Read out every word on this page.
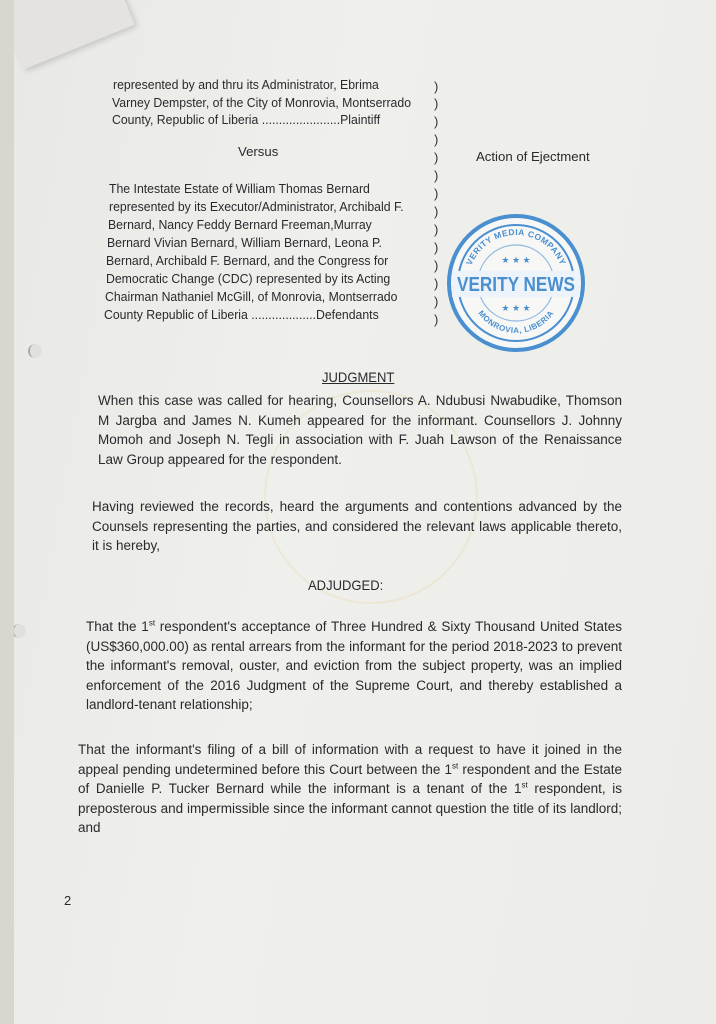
represented by and thru its Administrator, Ebrima
Varney Dempster, of the City of Monrovia, Montserrado
County, Republic of Liberia .......................Plaintiff
Versus	Action of Ejectment
The Intestate Estate of William Thomas Bernard
represented by its Executor/Administrator, Archibald F.
Bernard, Nancy Feddy Bernard Freeman,Murray
Bernard Vivian Bernard, William Bernard, Leona P.
Bernard, Archibald F. Bernard, and the Congress for
Democratic Change (CDC) represented by its Acting
Chairman Nathaniel McGill, of Monrovia, Montserrado
County Republic of Liberia ...................Defendants
)
)
)
)
)
)
)
)
)
)
)
)
)
)
VERITY MEDIA COMPANY
MONROVIA, LIBERIA
★ ★ ★
VERITY NEWS
★ ★ ★
JUDGMENT
When this case was called for hearing, Counsellors A. Ndubusi Nwabudike, Thomson M Jargba and James N. Kumeh appeared for the informant. Counsellors J. Johnny Momoh and Joseph N. Tegli in association with F. Juah Lawson of the Renaissance Law Group appeared for the respondent.
Having reviewed the records, heard the arguments and contentions advanced by the Counsels representing the parties, and considered the relevant laws applicable thereto, it is hereby,
ADJUDGED:
That the 1st respondent's acceptance of Three Hundred & Sixty Thousand United States (US$360,000.00) as rental arrears from the informant for the period 2018-2023 to prevent the informant's removal, ouster, and eviction from the subject property, was an implied enforcement of the 2016 Judgment of the Supreme Court, and thereby established a landlord-tenant relationship;
That the informant's filing of a bill of information with a request to have it joined in the appeal pending undetermined before this Court between the 1st respondent and the Estate of Danielle P. Tucker Bernard while the informant is a tenant of the 1st respondent, is preposterous and impermissible since the informant cannot question the title of its landlord; and
2
